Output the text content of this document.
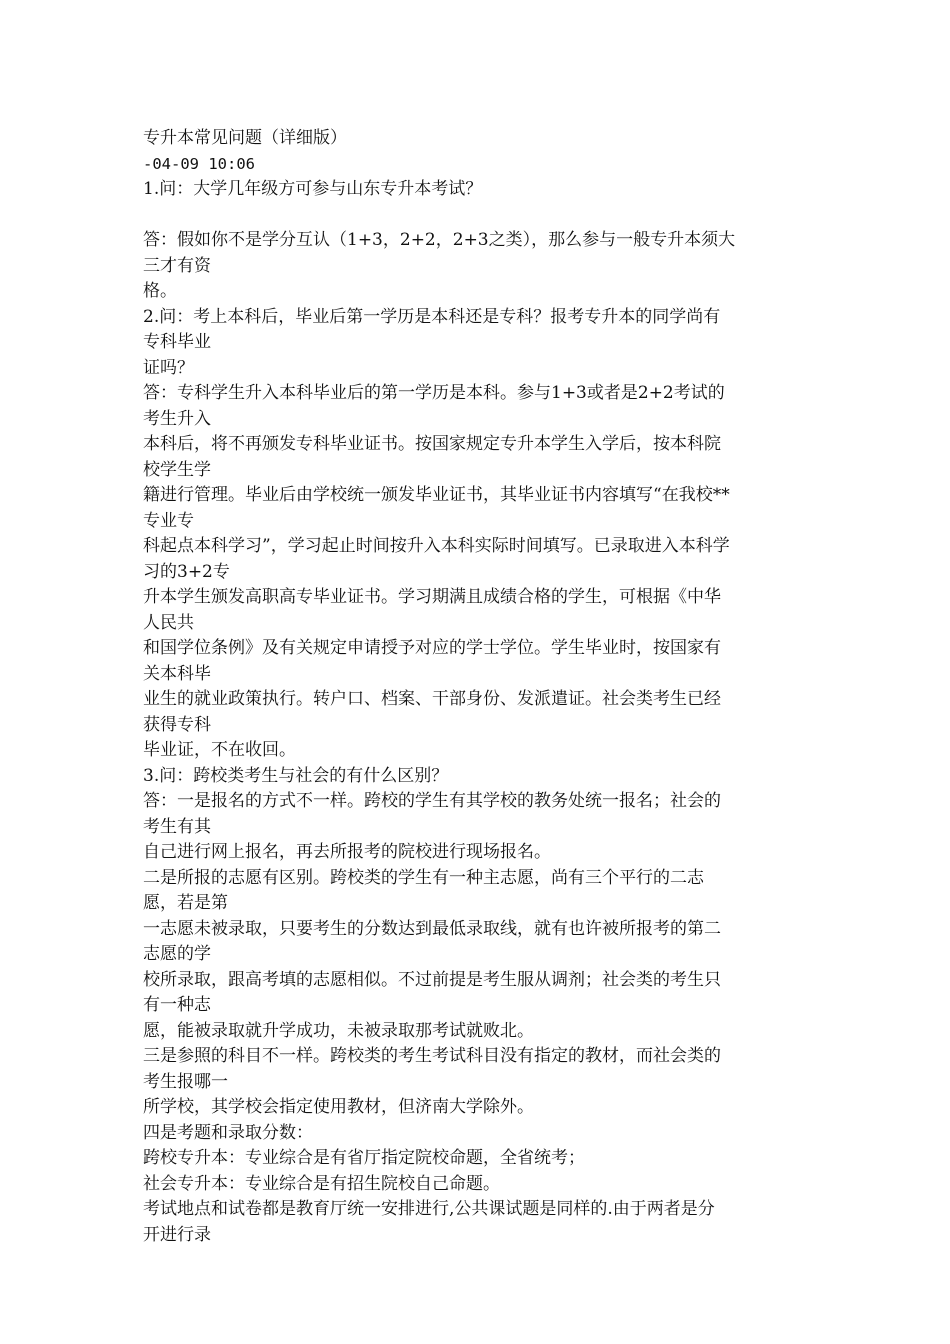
专升本常见问题（详细版）
-04-09 10:06
1.问：大学几年级方可参与山东专升本考试？
答：假如你不是学分互认（1+3，2+2，2+3之类），那么参与一般专升本须大
三才有资
格。
2.问：考上本科后，毕业后第一学历是本科还是专科？报考专升本的同学尚有
专科毕业
证吗？
答：专科学生升入本科毕业后的第一学历是本科。参与1+3或者是2+2考试的
考生升入
本科后，将不再颁发专科毕业证书。按国家规定专升本学生入学后，按本科院
校学生学
籍进行管理。毕业后由学校统一颁发毕业证书，其毕业证书内容填写“在我校**
专业专
科起点本科学习”，学习起止时间按升入本科实际时间填写。已录取进入本科学
习的3+2专
升本学生颁发高职高专毕业证书。学习期满且成绩合格的学生，可根据《中华
人民共
和国学位条例》及有关规定申请授予对应的学士学位。学生毕业时，按国家有
关本科毕
业生的就业政策执行。转户口、档案、干部身份、发派遣证。社会类考生已经
获得专科
毕业证，不在收回。
3.问：跨校类考生与社会的有什么区别？
答：一是报名的方式不一样。跨校的学生有其学校的教务处统一报名；社会的
考生有其
自己进行网上报名，再去所报考的院校进行现场报名。
二是所报的志愿有区别。跨校类的学生有一种主志愿，尚有三个平行的二志
愿，若是第
一志愿未被录取，只要考生的分数达到最低录取线，就有也许被所报考的第二
志愿的学
校所录取，跟高考填的志愿相似。不过前提是考生服从调剂；社会类的考生只
有一种志
愿，能被录取就升学成功，未被录取那考试就败北。
三是参照的科目不一样。跨校类的考生考试科目没有指定的教材，而社会类的
考生报哪一
所学校，其学校会指定使用教材，但济南大学除外。
四是考题和录取分数：
跨校专升本：专业综合是有省厅指定院校命题，全省统考；
社会专升本：专业综合是有招生院校自己命题。
考试地点和试卷都是教育厅统一安排进行,公共课试题是同样的.由于两者是分
开进行录
